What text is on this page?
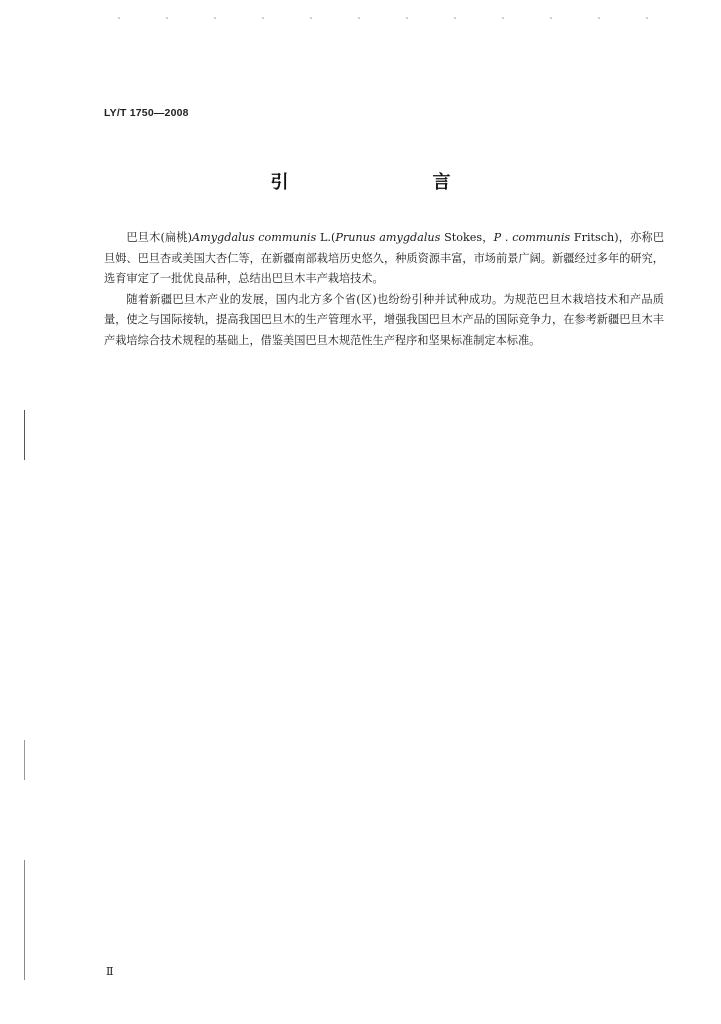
LY/T 1750—2008
引　　言

巴旦木(扁桃)Amygdalus communis L.(Prunus amygdalus Stokes，P . communis Fritsch)，亦称巴旦姆、巴旦杏或美国大杏仁等，在新疆南部栽培历史悠久，种质资源丰富，市场前景广阔。新疆经过多年的研究，选育审定了一批优良品种，总结出巴旦木丰产栽培技术。

随着新疆巴旦木产业的发展，国内北方多个省(区)也纷纷引种并试种成功。为规范巴旦木栽培技术和产品质量，使之与国际接轨，提高我国巴旦木的生产管理水平，增强我国巴旦木产品的国际竞争力，在参考新疆巴旦木丰产栽培综合技术规程的基础上，借鉴美国巴旦木规范性生产程序和坚果标准制定本标准。

Ⅱ
